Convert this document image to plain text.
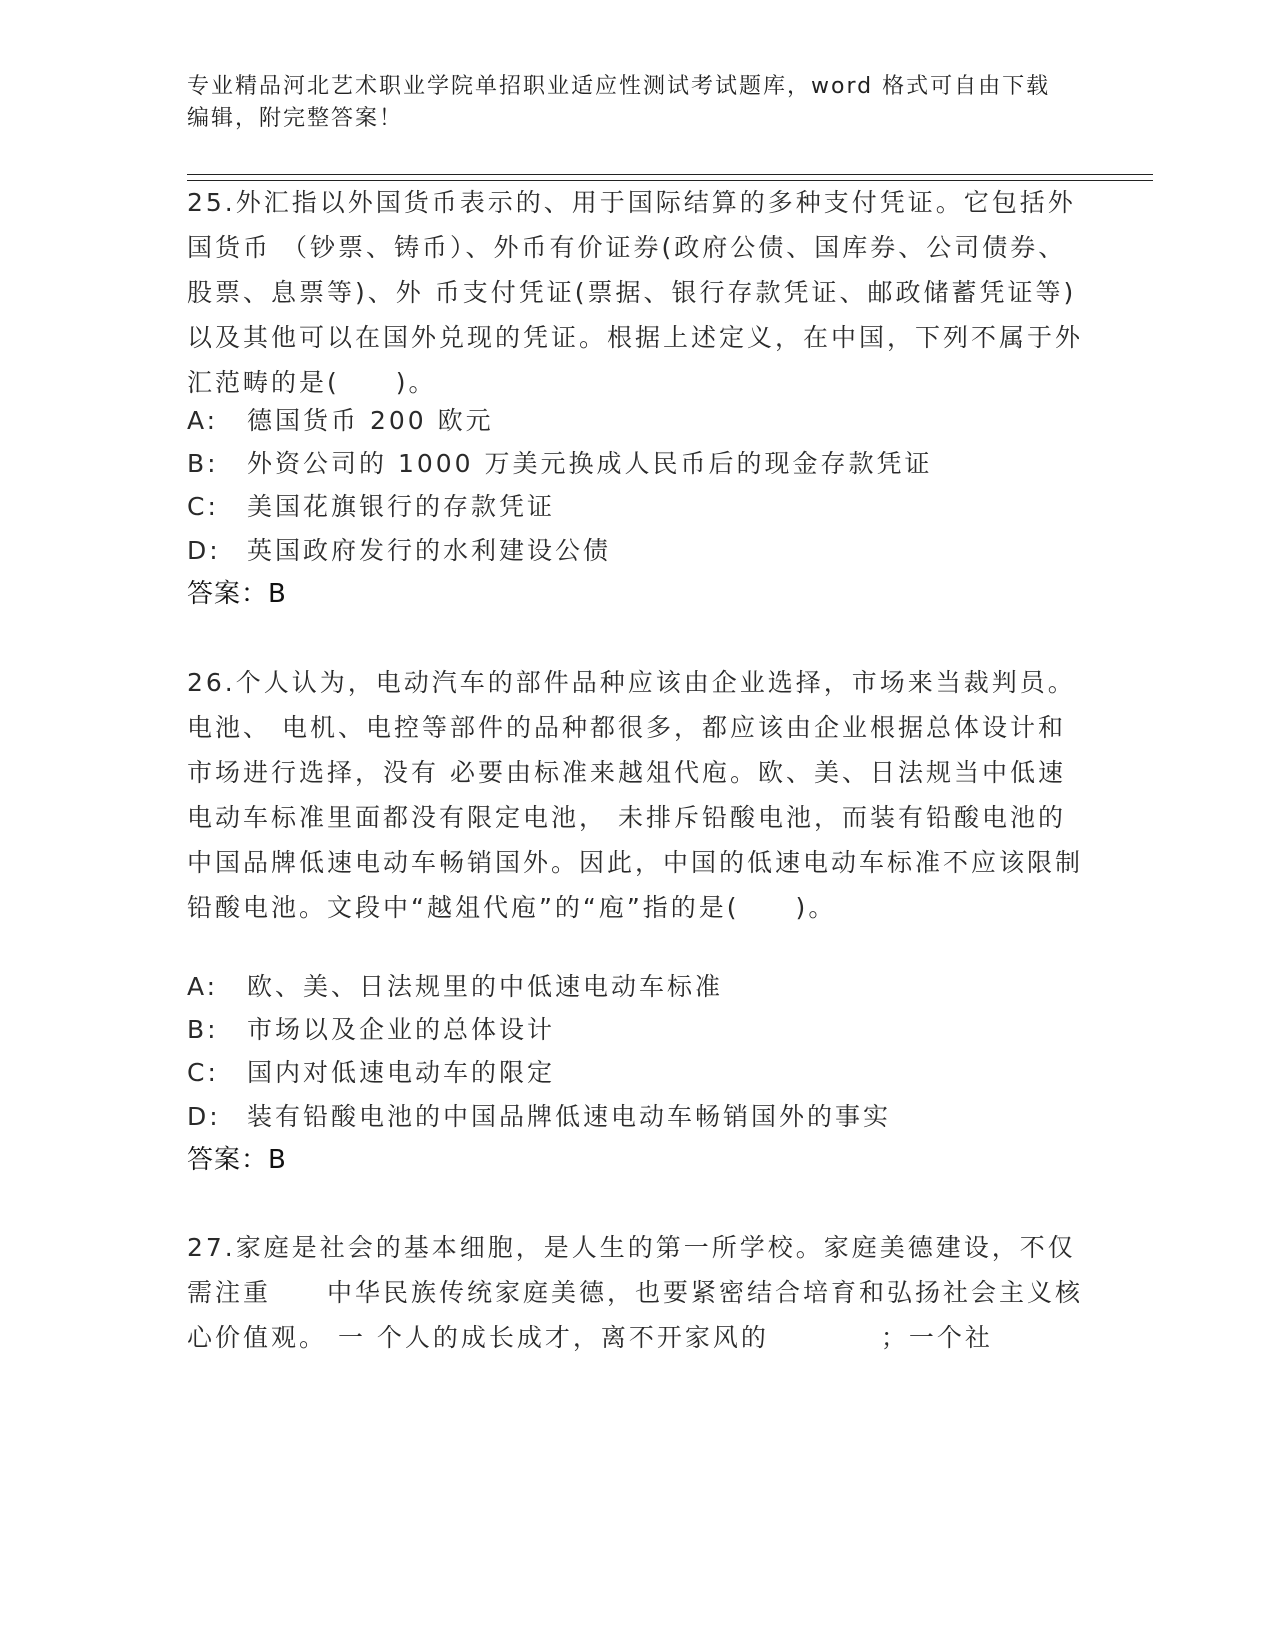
专业精品河北艺术职业学院单招职业适应性测试考试题库，word 格式可自由下载
编辑，附完整答案！
25.外汇指以外国货币表示的、用于国际结算的多种支付凭证。它包括外国货币 （钞票、铸币）、外币有价证券(政府公债、国库券、公司债券、股票、息票等)、外 币支付凭证(票据、银行存款凭证、邮政储蓄凭证等)以及其他可以在国外兑现的凭证。根据上述定义，在中国，下列不属于外汇范畴的是(　　)。
A: 德国货币 200 欧元
B: 外资公司的 1000 万美元换成人民币后的现金存款凭证
C: 美国花旗银行的存款凭证
D: 英国政府发行的水利建设公债
答案：B
26.个人认为，电动汽车的部件品种应该由企业选择，市场来当裁判员。电池、 电机、电控等部件的品种都很多，都应该由企业根据总体设计和市场进行选择，没有 必要由标准来越俎代庖。欧、美、日法规当中低速电动车标准里面都没有限定电池， 未排斥铅酸电池，而装有铅酸电池的中国品牌低速电动车畅销国外。因此，中国的低速电动车标准不应该限制铅酸电池。文段中“越俎代庖”的“庖”指的是(　　)。
A: 欧、美、日法规里的中低速电动车标准
B: 市场以及企业的总体设计
C: 国内对低速电动车的限定
D: 装有铅酸电池的中国品牌低速电动车畅销国外的事实
答案：B
27.家庭是社会的基本细胞，是人生的第一所学校。家庭美德建设，不仅需注重　　中华民族传统家庭美德，也要紧密结合培育和弘扬社会主义核心价值观。 一 个人的成长成才，离不开家风的　　　　；一个社
